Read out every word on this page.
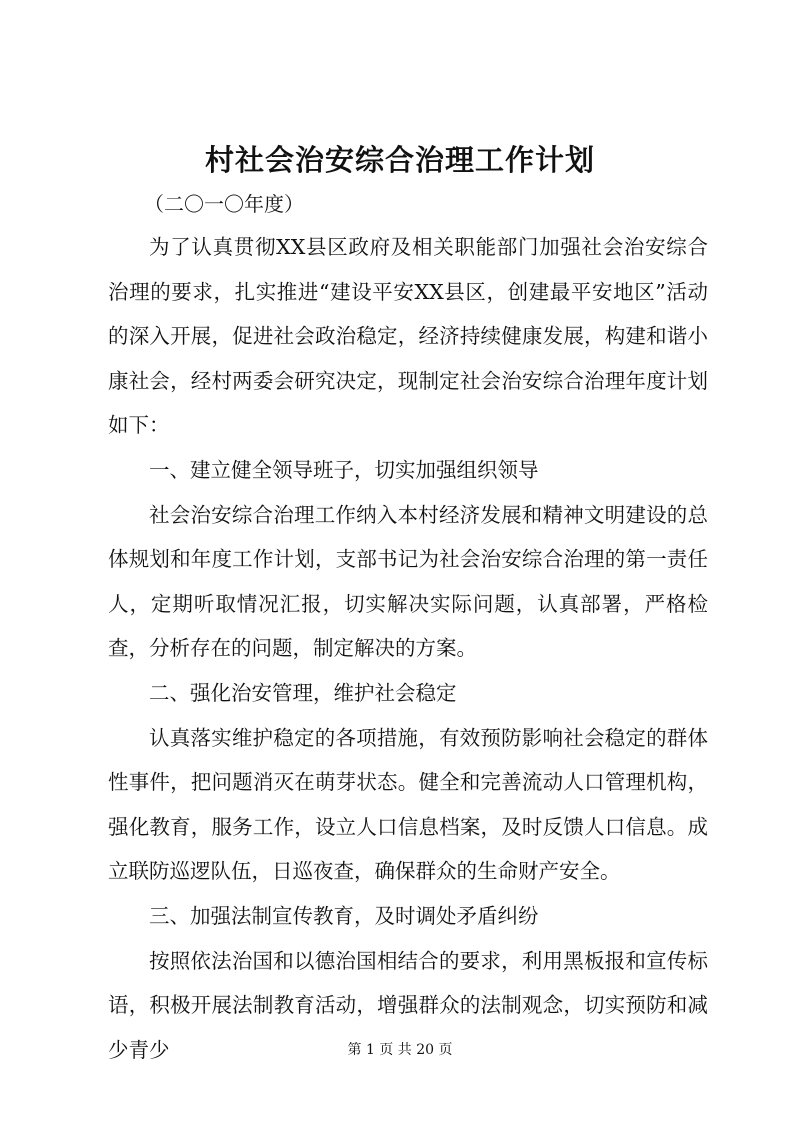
村社会治安综合治理工作计划
（二〇一〇年度）

为了认真贯彻XX县区政府及相关职能部门加强社会治安综合治理的要求，扎实推进“建设平安XX县区，创建最平安地区”活动的深入开展，促进社会政治稳定，经济持续健康发展，构建和谐小康社会，经村两委会研究决定，现制定社会治安综合治理年度计划如下：

一、建立健全领导班子，切实加强组织领导

社会治安综合治理工作纳入本村经济发展和精神文明建设的总体规划和年度工作计划，支部书记为社会治安综合治理的第一责任人，定期听取情况汇报，切实解决实际问题，认真部署，严格检查，分析存在的问题，制定解决的方案。

二、强化治安管理，维护社会稳定

认真落实维护稳定的各项措施，有效预防影响社会稳定的群体性事件，把问题消灭在萌芽状态。健全和完善流动人口管理机构，强化教育，服务工作，设立人口信息档案，及时反馈人口信息。成立联防巡逻队伍，日巡夜查，确保群众的生命财产安全。

三、加强法制宣传教育，及时调处矛盾纠纷

按照依法治国和以德治国相结合的要求，利用黑板报和宣传标语，积极开展法制教育活动，增强群众的法制观念，切实预防和减少青少	第 1 页 共 20 页
